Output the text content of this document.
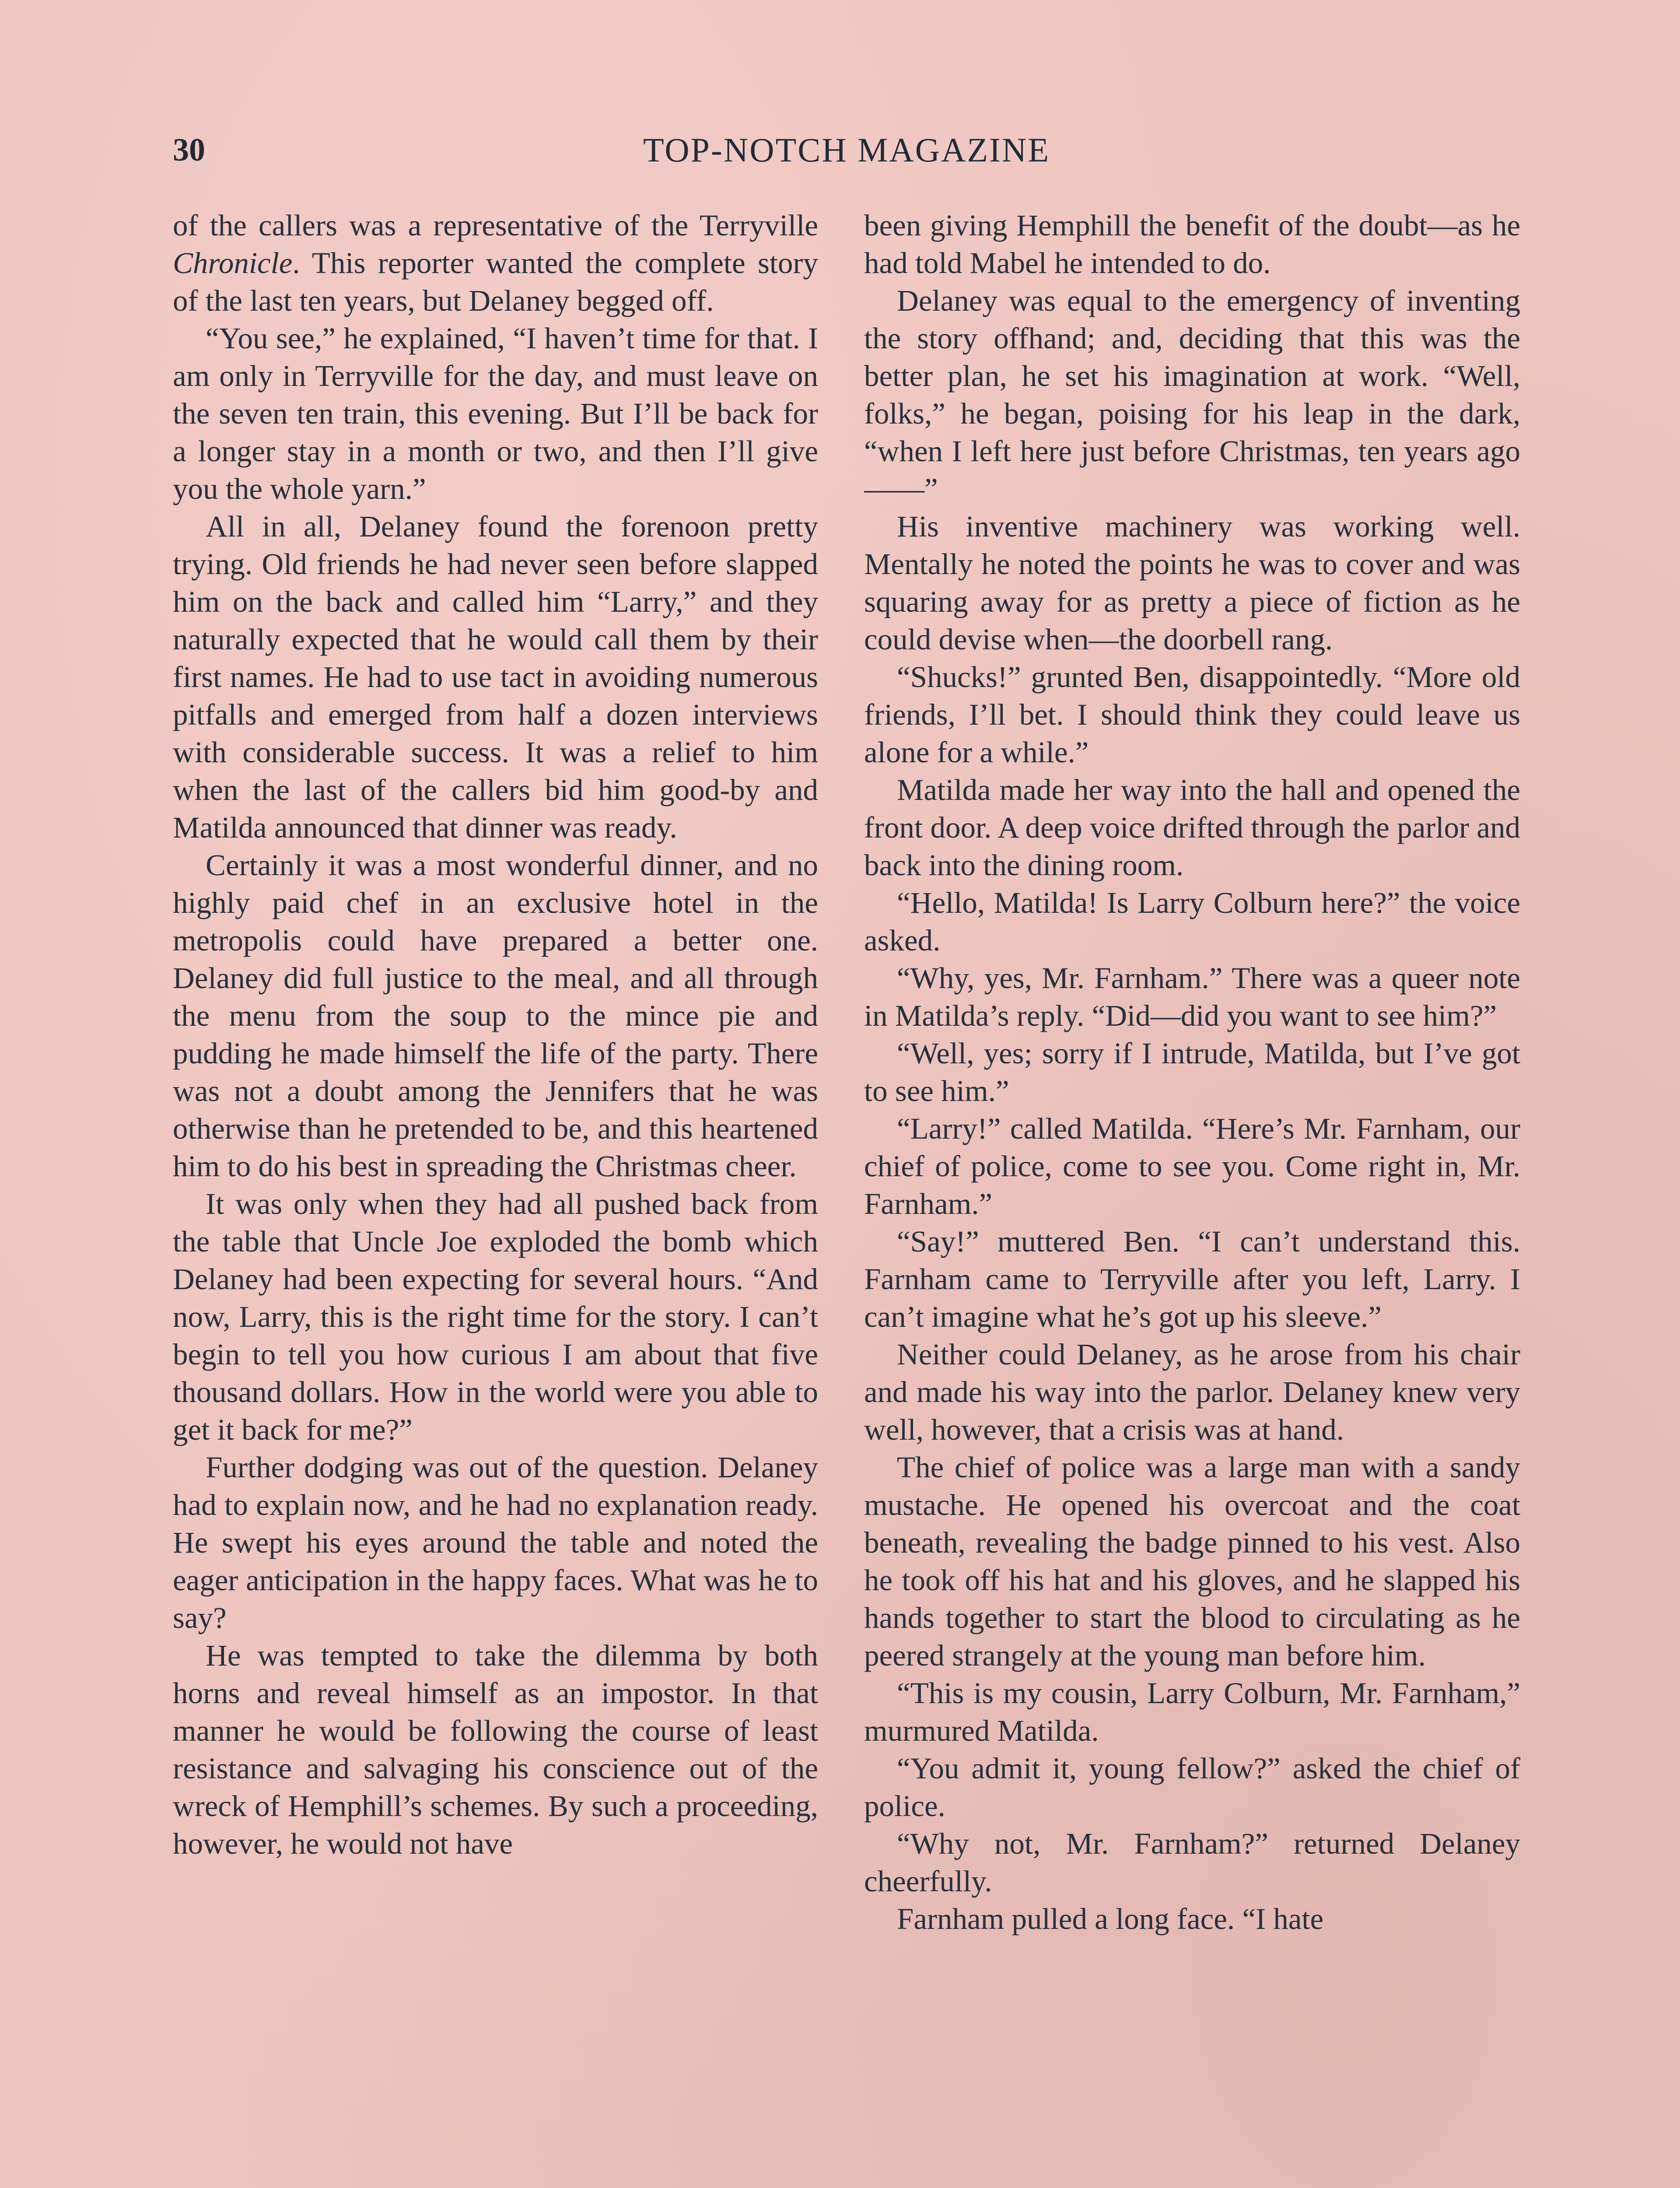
30	TOP-NOTCH MAGAZINE

of the callers was a representative of the Terryville Chronicle. This reporter wanted the complete story of the last ten years, but Delaney begged off.

“You see,” he explained, “I haven’t time for that. I am only in Terryville for the day, and must leave on the seven ten train, this evening. But I’ll be back for a longer stay in a month or two, and then I’ll give you the whole yarn.”

All in all, Delaney found the forenoon pretty trying. Old friends he had never seen before slapped him on the back and called him “Larry,” and they naturally expected that he would call them by their first names. He had to use tact in avoiding numerous pitfalls and emerged from half a dozen interviews with considerable success. It was a relief to him when the last of the callers bid him good-by and Matilda announced that dinner was ready.

Certainly it was a most wonderful dinner, and no highly paid chef in an exclusive hotel in the metropolis could have prepared a better one. Delaney did full justice to the meal, and all through the menu from the soup to the mince pie and pudding he made himself the life of the party. There was not a doubt among the Jennifers that he was otherwise than he pretended to be, and this heartened him to do his best in spreading the Christmas cheer.

It was only when they had all pushed back from the table that Uncle Joe exploded the bomb which Delaney had been expecting for several hours. “And now, Larry, this is the right time for the story. I can’t begin to tell you how curious I am about that five thousand dollars. How in the world were you able to get it back for me?”

Further dodging was out of the question. Delaney had to explain now, and he had no explanation ready. He swept his eyes around the table and noted the eager anticipation in the happy faces. What was he to say?

He was tempted to take the dilemma by both horns and reveal himself as an impostor. In that manner he would be following the course of least resistance and salvaging his conscience out of the wreck of Hemphill’s schemes. By such a proceeding, however, he would not have

been giving Hemphill the benefit of the doubt—as he had told Mabel he intended to do.

Delaney was equal to the emergency of inventing the story offhand; and, deciding that this was the better plan, he set his imagination at work. “Well, folks,” he began, poising for his leap in the dark, “when I left here just before Christmas, ten years ago——”

His inventive machinery was working well. Mentally he noted the points he was to cover and was squaring away for as pretty a piece of fiction as he could devise when—the doorbell rang.

“Shucks!” grunted Ben, disappointedly. “More old friends, I’ll bet. I should think they could leave us alone for a while.”

Matilda made her way into the hall and opened the front door. A deep voice drifted through the parlor and back into the dining room.

“Hello, Matilda! Is Larry Colburn here?” the voice asked.

“Why, yes, Mr. Farnham.” There was a queer note in Matilda’s reply. “Did—did you want to see him?”

“Well, yes; sorry if I intrude, Matilda, but I’ve got to see him.”

“Larry!” called Matilda. “Here’s Mr. Farnham, our chief of police, come to see you. Come right in, Mr. Farnham.”

“Say!” muttered Ben. “I can’t understand this. Farnham came to Terryville after you left, Larry. I can’t imagine what he’s got up his sleeve.”

Neither could Delaney, as he arose from his chair and made his way into the parlor. Delaney knew very well, however, that a crisis was at hand.

The chief of police was a large man with a sandy mustache. He opened his overcoat and the coat beneath, revealing the badge pinned to his vest. Also he took off his hat and his gloves, and he slapped his hands together to start the blood to circulating as he peered strangely at the young man before him.

“This is my cousin, Larry Colburn, Mr. Farnham,” murmured Matilda.

“You admit it, young fellow?” asked the chief of police.

“Why not, Mr. Farnham?” returned Delaney cheerfully.

Farnham pulled a long face. “I hate
